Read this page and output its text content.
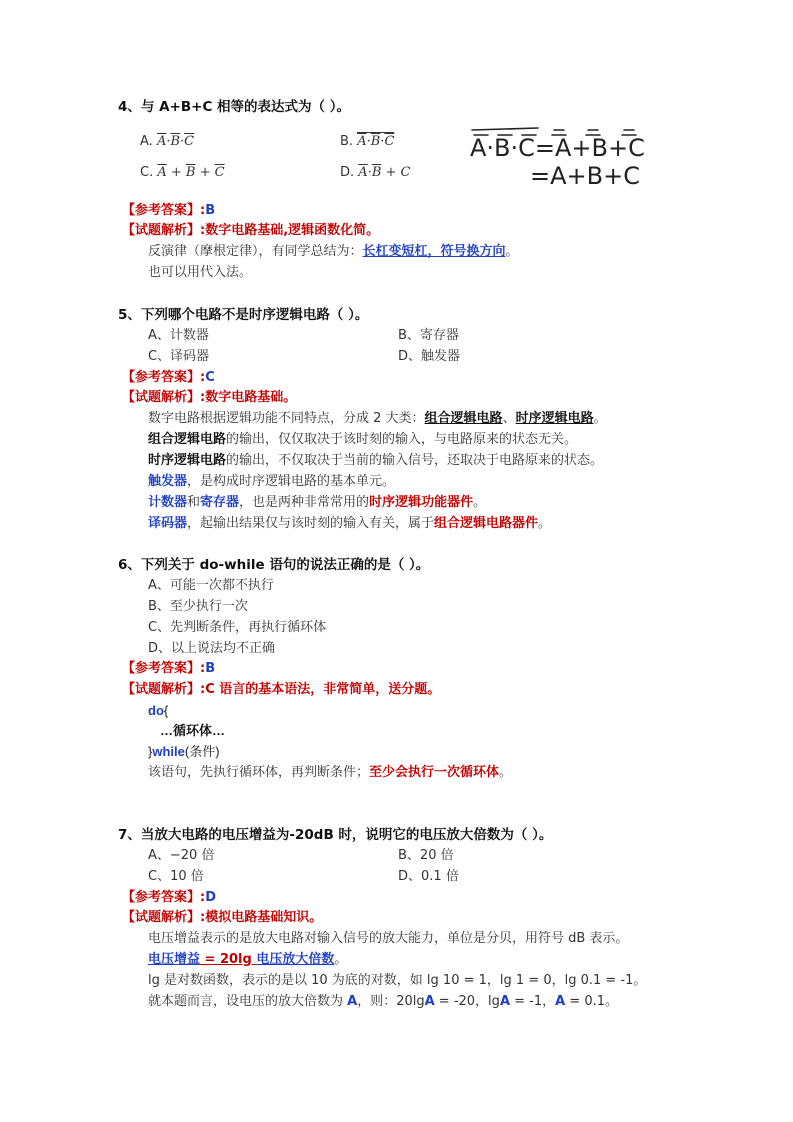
4、与 A+B+C 相等的表达式为（ ）。
A. $\overline{A}\cdot\overline{B}\cdot\overline{C}$	B. $\overline{A}\cdot\overline{B}\cdot\overline{C}$
C. $\overline{A} + \overline{B} + \overline{C}$	D. $\overline{A}\cdot\overline{B} + C$
A·B·C=A+B+C
=A+B+C
【参考答案】:B
【试题解析】:数字电路基础,逻辑函数化简。
反演律（摩根定律），有同学总结为：长杠变短杠，符号换方向。
也可以用代入法。
5、下列哪个电路不是时序逻辑电路（ ）。
A、计数器	B、寄存器
C、译码器	D、触发器
【参考答案】:C
【试题解析】:数字电路基础。
数字电路根据逻辑功能不同特点，分成 2 大类：组合逻辑电路、时序逻辑电路。
组合逻辑电路的输出，仅仅取决于该时刻的输入，与电路原来的状态无关。
时序逻辑电路的输出，不仅取决于当前的输入信号，还取决于电路原来的状态。
触发器，是构成时序逻辑电路的基本单元。
计数器和寄存器，也是两种非常常用的时序逻辑功能器件。
译码器，起输出结果仅与该时刻的输入有关，属于组合逻辑电路器件。
6、下列关于 do-while 语句的说法正确的是（ ）。
A、可能一次都不执行
B、至少执行一次
C、先判断条件，再执行循环体
D、以上说法均不正确
【参考答案】:B
【试题解析】:C 语言的基本语法，非常简单，送分题。
do{
…循环体…
}while(条件)
该语句，先执行循环体，再判断条件；至少会执行一次循环体。
7、当放大电路的电压增益为-20dB 时，说明它的电压放大倍数为（ ）。
A、−20 倍	B、20 倍
C、10 倍	D、0.1 倍
【参考答案】:D
【试题解析】:模拟电路基础知识。
电压增益表示的是放大电路对输入信号的放大能力，单位是分贝，用符号 dB 表示。
电压增益 = 20lg 电压放大倍数。
lg 是对数函数，表示的是以 10 为底的对数，如 lg 10 = 1，lg 1 = 0，lg 0.1 = -1。
就本题而言，设电压的放大倍数为 A，则：20lgA = -20，lgA = -1，A = 0.1。
